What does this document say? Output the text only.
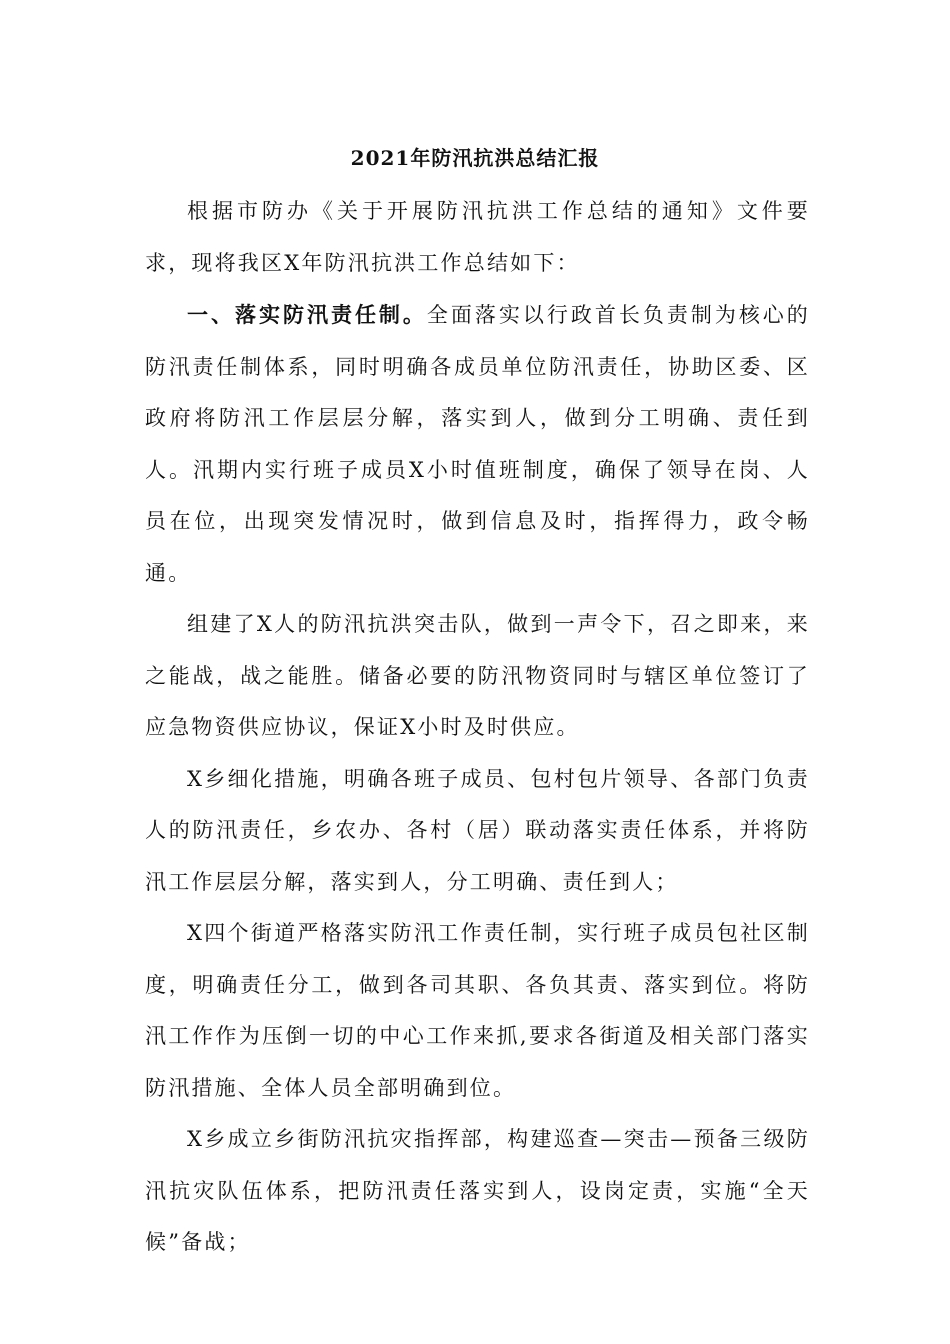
2021年防汛抗洪总结汇报

根据市防办《关于开展防汛抗洪工作总结的通知》文件要求，现将我区X年防汛抗洪工作总结如下：

一、落实防汛责任制。全面落实以行政首长负责制为核心的防汛责任制体系，同时明确各成员单位防汛责任，协助区委、区政府将防汛工作层层分解，落实到人，做到分工明确、责任到人。汛期内实行班子成员X小时值班制度，确保了领导在岗、人员在位，出现突发情况时，做到信息及时，指挥得力，政令畅通。

组建了X人的防汛抗洪突击队，做到一声令下，召之即来，来之能战，战之能胜。储备必要的防汛物资同时与辖区单位签订了应急物资供应协议，保证X小时及时供应。

X乡细化措施，明确各班子成员、包村包片领导、各部门负责人的防汛责任，乡农办、各村（居）联动落实责任体系，并将防汛工作层层分解，落实到人，分工明确、责任到人；

X四个街道严格落实防汛工作责任制，实行班子成员包社区制度，明确责任分工，做到各司其职、各负其责、落实到位。将防汛工作作为压倒一切的中心工作来抓,要求各街道及相关部门落实防汛措施、全体人员全部明确到位。

X乡成立乡街防汛抗灾指挥部，构建巡查—突击—预备三级防汛抗灾队伍体系，把防汛责任落实到人，设岗定责，实施“全天候”备战；
